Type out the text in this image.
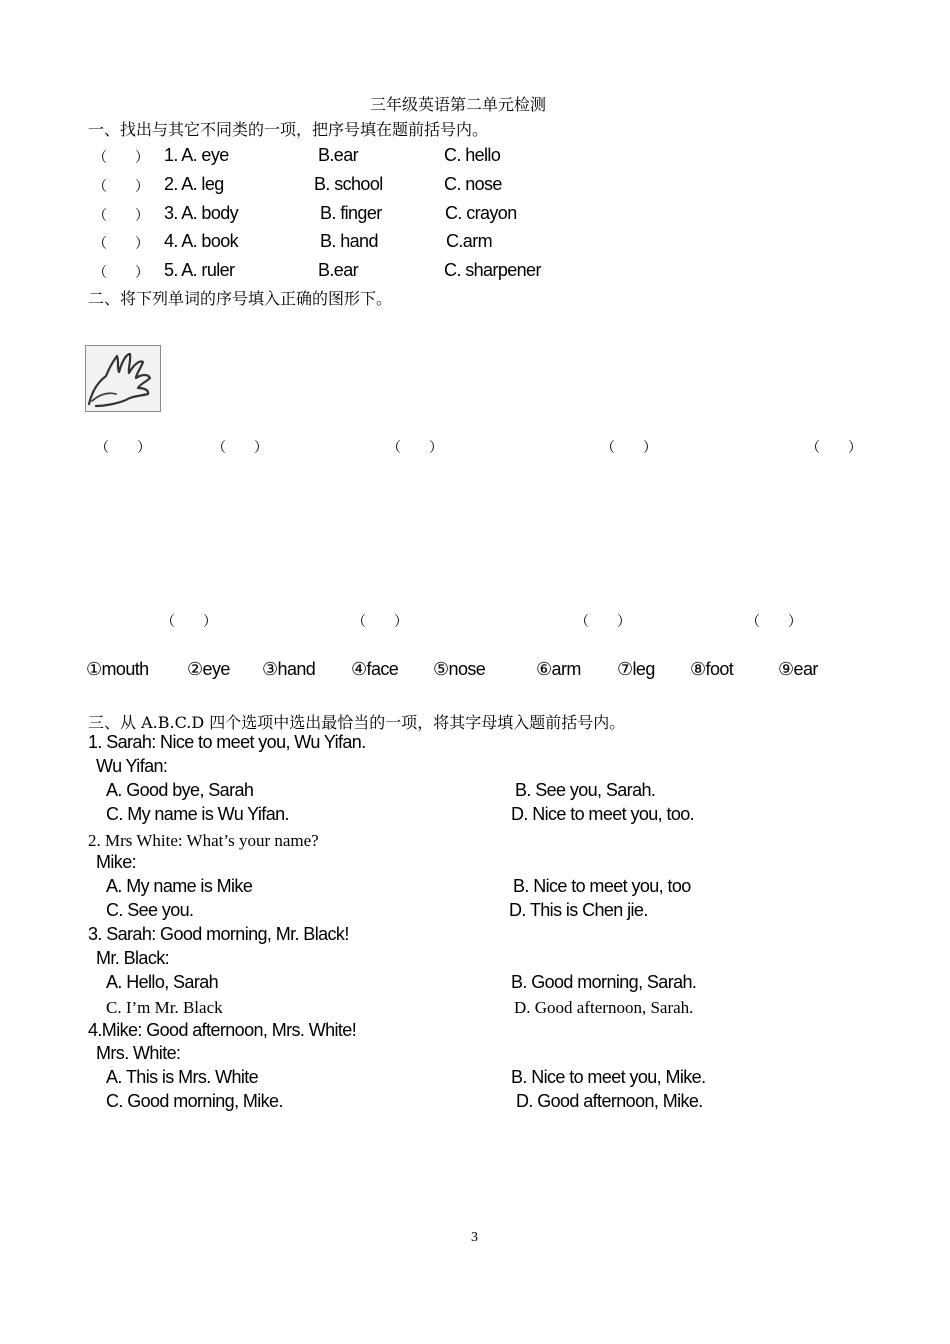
三年级英语第二单元检测
一、找出与其它不同类的一项，把序号填在题前括号内。
（　　） 1. A. eye	B.ear	C. hello
（　　） 2. A. leg	B. school	C. nose
（　　） 3. A. body	B. finger	C. crayon
（　　） 4. A. book	B. hand	C.arm
（　　） 5. A. ruler	B.ear	C. sharpener
二、将下列单词的序号填入正确的图形下。
（　　）	（　　）	（　　）	（　　）	（　　）
（　　）	（　　）	（　　）	（　　）
①mouth ②eye ③hand ④face ⑤nose	⑥arm ⑦leg ⑧foot ⑨ear
三、从 A.B.C.D 四个选项中选出最恰当的一项，将其字母填入题前括号内。
1. Sarah: Nice to meet you, Wu Yifan.
Wu Yifan:
A. Good bye, Sarah	B. See you, Sarah.
C. My name is Wu Yifan.	D. Nice to meet you, too.
2. Mrs White: What’s your name?
Mike:
A. My name is Mike	B. Nice to meet you, too
C. See you.	D. This is Chen jie.
3. Sarah: Good morning, Mr. Black!
Mr. Black:
A. Hello, Sarah	B. Good morning, Sarah.
C. I’m Mr. Black	D. Good afternoon, Sarah.
4.Mike: Good afternoon, Mrs. White!
Mrs. White:
A. This is Mrs. White	B. Nice to meet you, Mike.
C. Good morning, Mike.	D. Good afternoon, Mike.
3
